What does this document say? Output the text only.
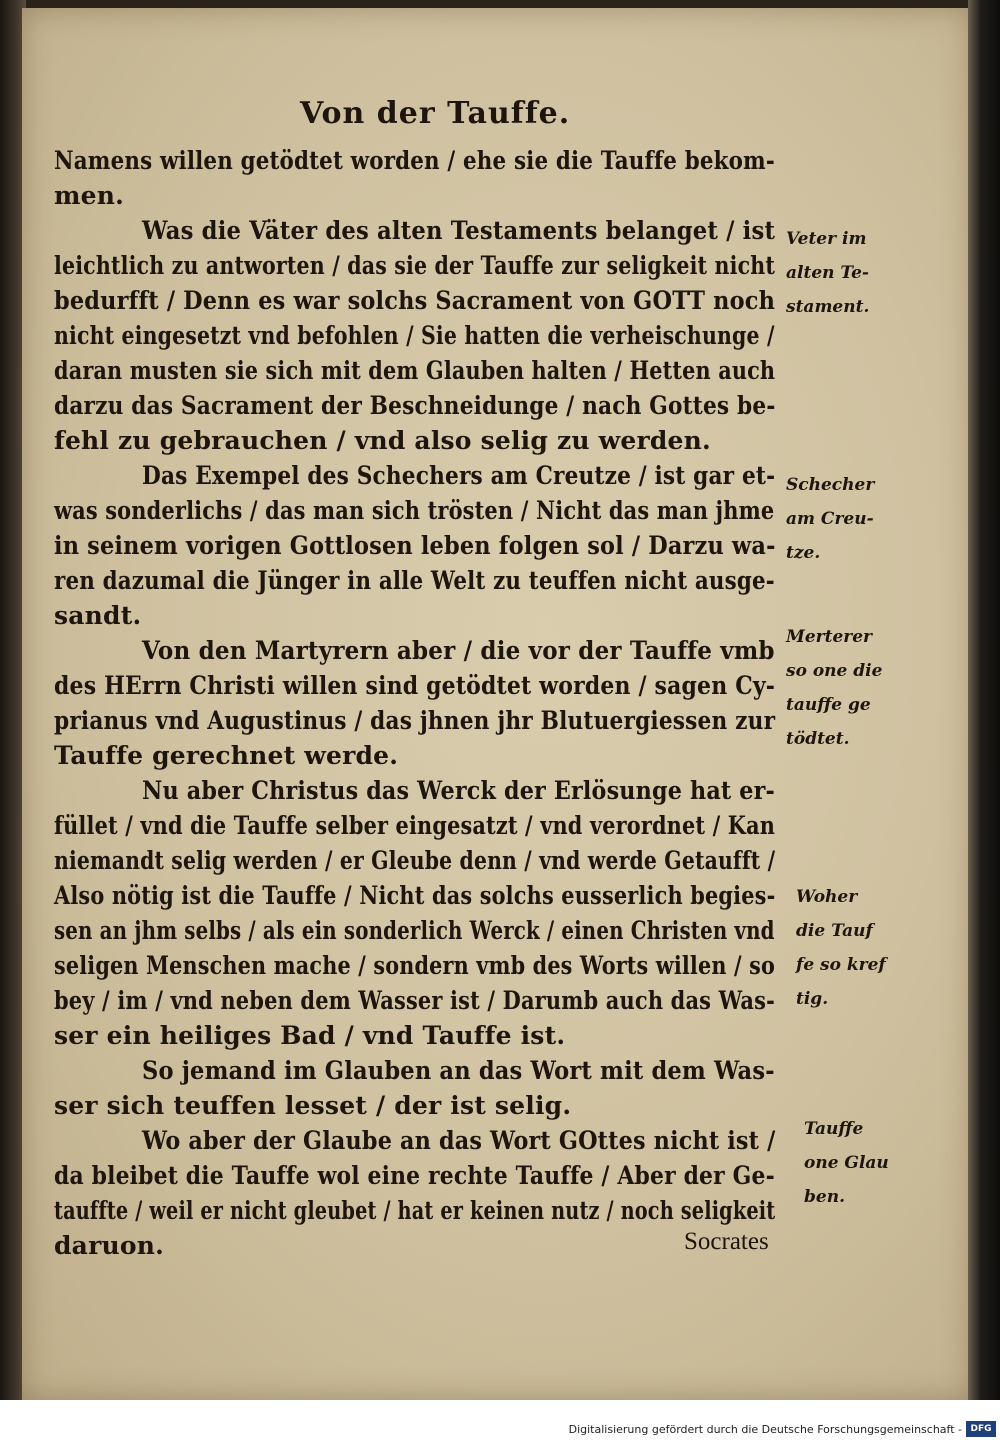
Von der Tauffe.
Namens willen getödtet worden / ehe sie die Tauffe bekom-
men.
Was die Väter des alten Testaments belanget / ist
leichtlich zu antworten / das sie der Tauffe zur seligkeit nicht
bedurfft / Denn es war solchs Sacrament von GOTT noch
nicht eingesetzt vnd befohlen / Sie hatten die verheischunge /
daran musten sie sich mit dem Glauben halten / Hetten auch
darzu das Sacrament der Beschneidunge / nach Gottes be-
fehl zu gebrauchen / vnd also selig zu werden.
Das Exempel des Schechers am Creutze / ist gar et-
was sonderlichs / das man sich trösten / Nicht das man jhme
in seinem vorigen Gottlosen leben folgen sol / Darzu wa-
ren dazumal die Jünger in alle Welt zu teuffen nicht ausge-
sandt.
Von den Martyrern aber / die vor der Tauffe vmb
des HErrn Christi willen sind getödtet worden / sagen Cy-
prianus vnd Augustinus / das jhnen jhr Blutuergiessen zur
Tauffe gerechnet werde.
Nu aber Christus das Werck der Erlösunge hat er-
füllet / vnd die Tauffe selber eingesatzt / vnd verordnet / Kan
niemandt selig werden / er Gleube denn / vnd werde Getaufft /
Also nötig ist die Tauffe / Nicht das solchs eusserlich begies-
sen an jhm selbs / als ein sonderlich Werck / einen Christen vnd
seligen Menschen mache / sondern vmb des Worts willen / so
bey / im / vnd neben dem Wasser ist / Darumb auch das Was-
ser ein heiliges Bad / vnd Tauffe ist.
So jemand im Glauben an das Wort mit dem Was-
ser sich teuffen lesset / der ist selig.
Wo aber der Glaube an das Wort GOttes nicht ist /
da bleibet die Tauffe wol eine rechte Tauffe / Aber der Ge-
tauffte / weil er nicht gleubet / hat er keinen nutz / noch seligkeit
daruon.
Veter im
alten Te-
stament.
Schecher
am Creu-
tze.
Merterer
so one die
tauffe ge
tödtet.
Woher
die Tauf
fe so kref
tig.
Tauffe
one Glau
ben.
Socrates
Digitalisierung gefördert durch die Deutsche Forschungsgemeinschaft - DFG
